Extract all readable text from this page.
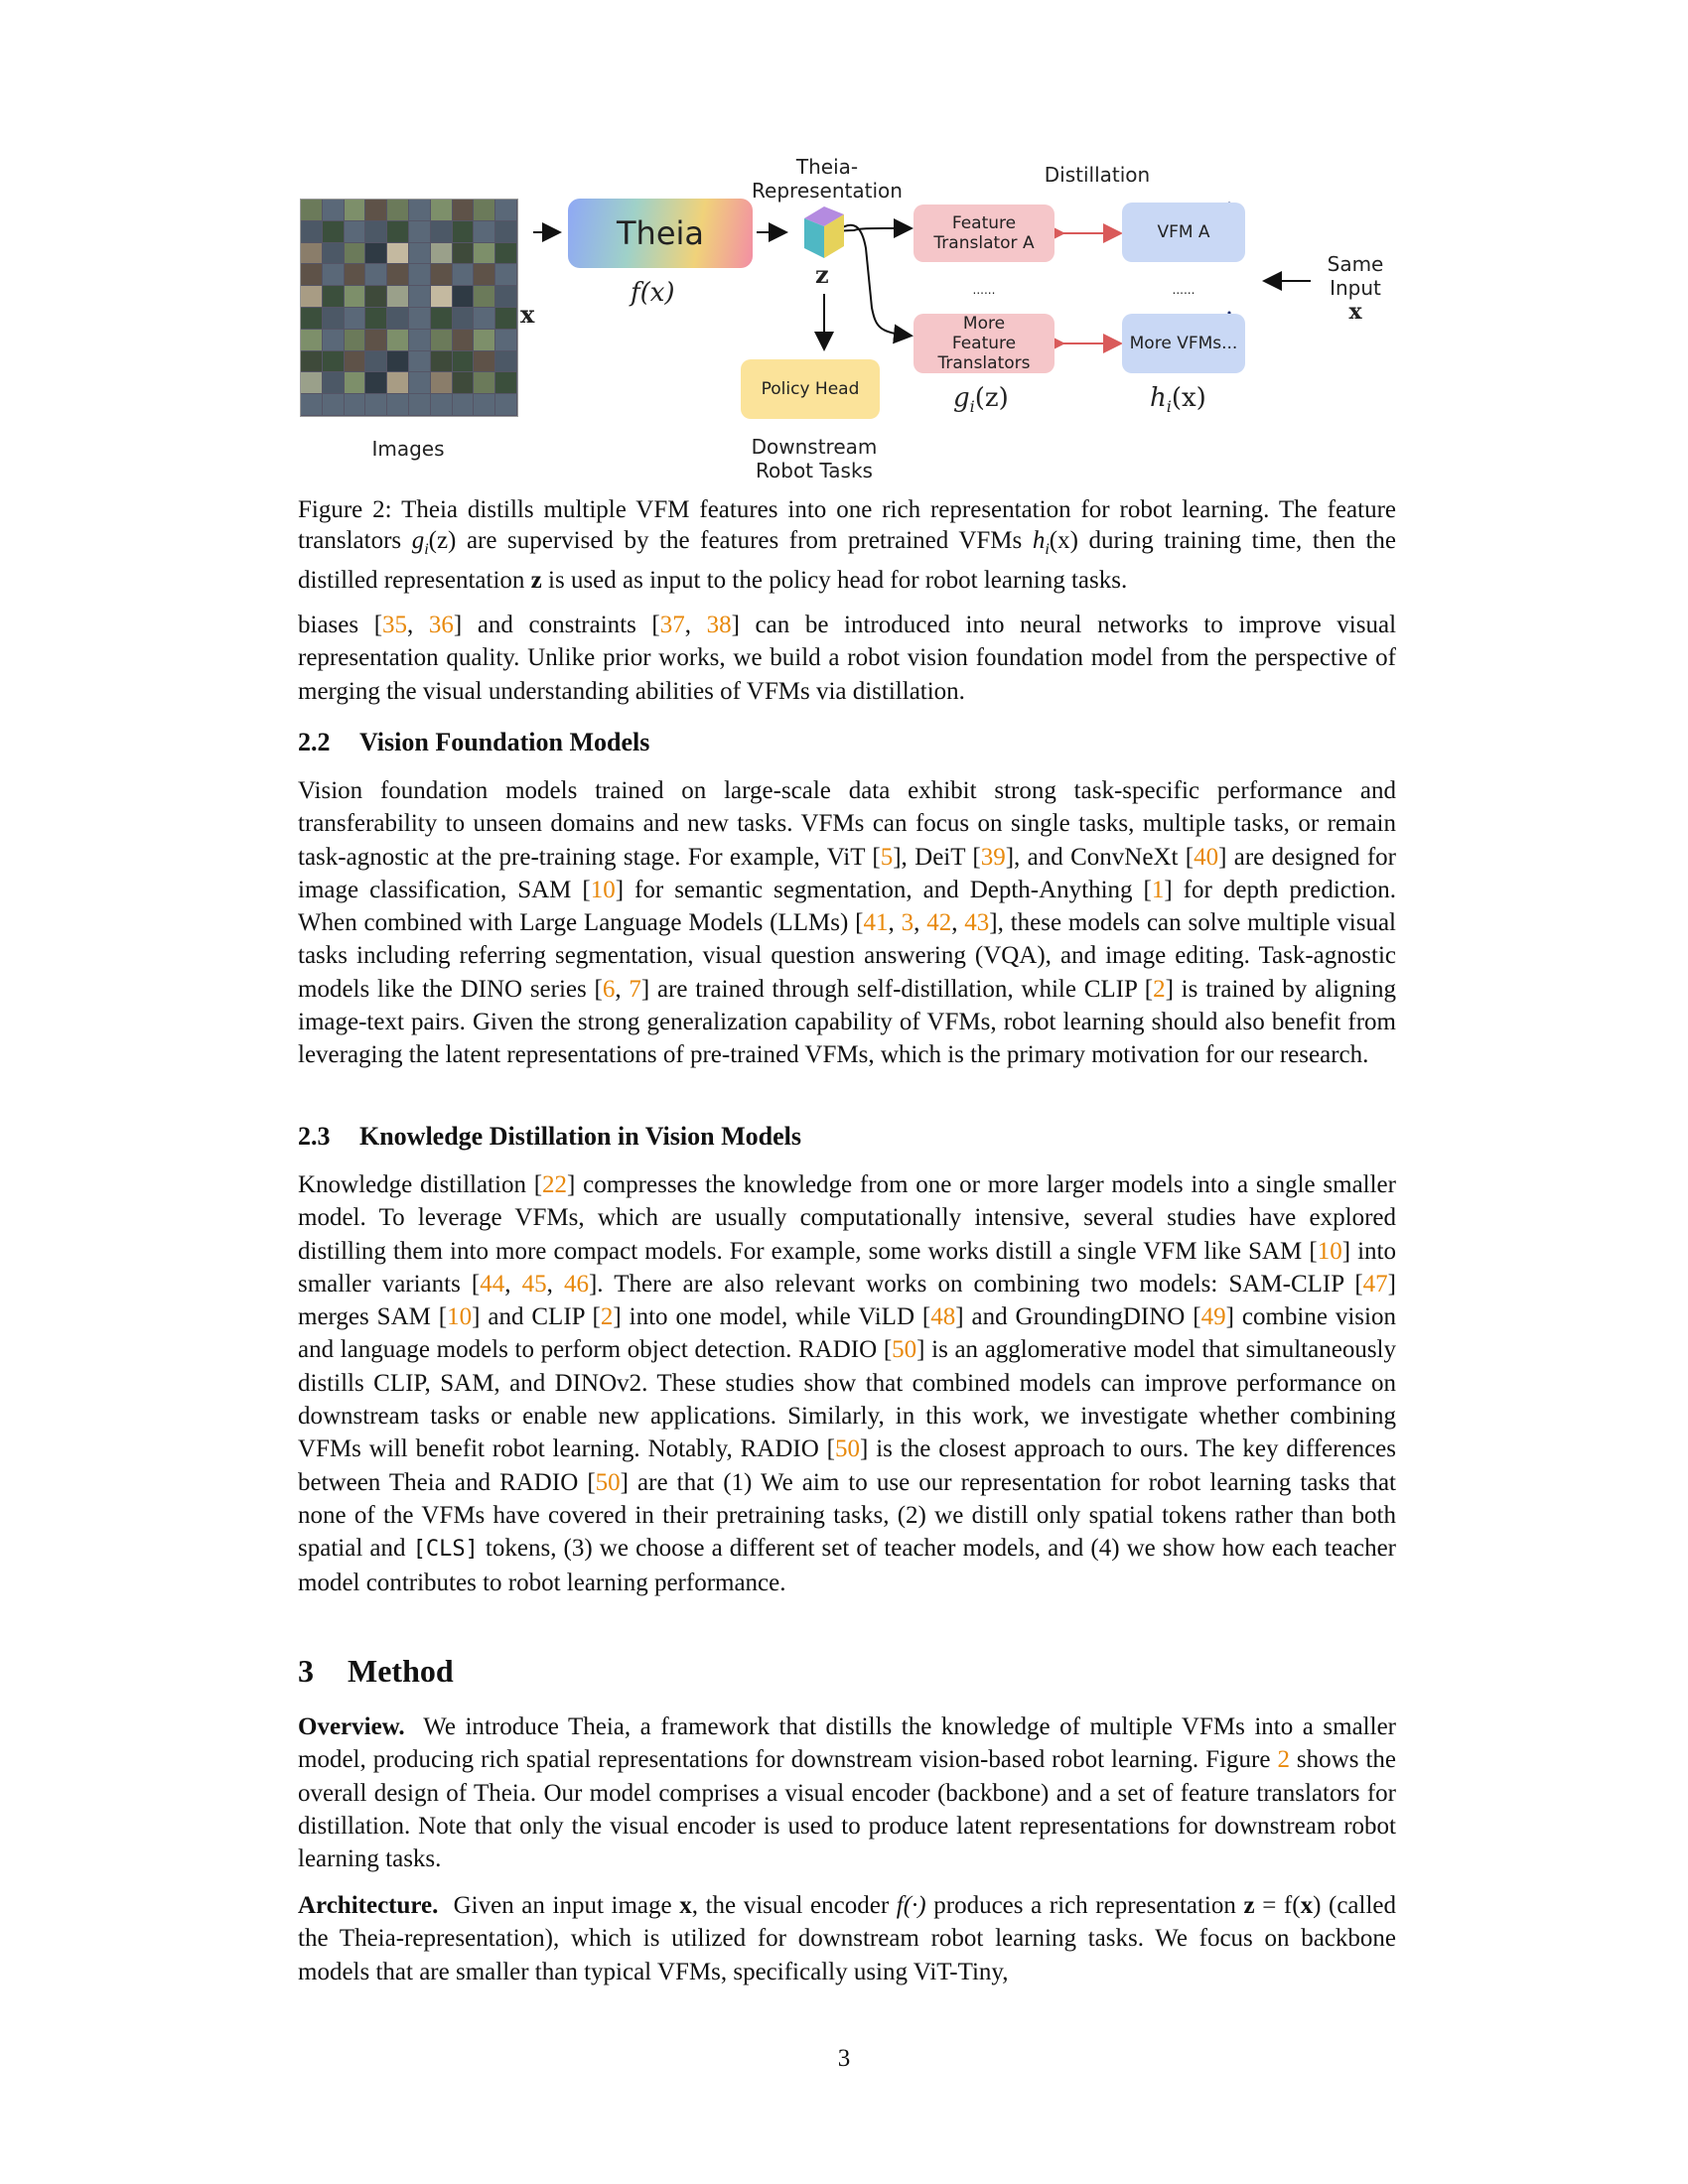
Images
x
Theia
f(x)
Theia-
Representation
z
Policy Head
Downstream
Robot Tasks
Distillation
Feature
Translator A
......
More
Feature
Translators
$g_i(z)$
VFM A
......
More VFMs...
$h_i(x)$
Same
Input
x
Figure 2: Theia distills multiple VFM features into one rich representation for robot learning. The feature translators $g_i(z)$ are supervised by the features from pretrained VFMs $h_i(x)$ during training time, then the distilled representation z is used as input to the policy head for robot learning tasks.

biases [35, 36] and constraints [37, 38] can be introduced into neural networks to improve visual representation quality. Unlike prior works, we build a robot vision foundation model from the perspective of merging the visual understanding abilities of VFMs via distillation.

2.2 Vision Foundation Models

Vision foundation models trained on large-scale data exhibit strong task-specific performance and transferability to unseen domains and new tasks. VFMs can focus on single tasks, multiple tasks, or remain task-agnostic at the pre-training stage. For example, ViT [5], DeiT [39], and ConvNeXt [40] are designed for image classification, SAM [10] for semantic segmentation, and Depth-Anything [1] for depth prediction. When combined with Large Language Models (LLMs) [41, 3, 42, 43], these models can solve multiple visual tasks including referring segmentation, visual question answering (VQA), and image editing. Task-agnostic models like the DINO series [6, 7] are trained through self-distillation, while CLIP [2] is trained by aligning image-text pairs. Given the strong generalization capability of VFMs, robot learning should also benefit from leveraging the latent representations of pre-trained VFMs, which is the primary motivation for our research.

2.3 Knowledge Distillation in Vision Models

Knowledge distillation [22] compresses the knowledge from one or more larger models into a single smaller model. To leverage VFMs, which are usually computationally intensive, several studies have explored distilling them into more compact models. For example, some works distill a single VFM like SAM [10] into smaller variants [44, 45, 46]. There are also relevant works on combining two models: SAM-CLIP [47] merges SAM [10] and CLIP [2] into one model, while ViLD [48] and GroundingDINO [49] combine vision and language models to perform object detection. RADIO [50] is an agglomerative model that simultaneously distills CLIP, SAM, and DINOv2. These studies show that combined models can improve performance on downstream tasks or enable new applications. Similarly, in this work, we investigate whether combining VFMs will benefit robot learning. Notably, RADIO [50] is the closest approach to ours. The key differences between Theia and RADIO [50] are that (1) We aim to use our representation for robot learning tasks that none of the VFMs have covered in their pretraining tasks, (2) we distill only spatial tokens rather than both spatial and [CLS] tokens, (3) we choose a different set of teacher models, and (4) we show how each teacher model contributes to robot learning performance.

3 Method

Overview.  We introduce Theia, a framework that distills the knowledge of multiple VFMs into a smaller model, producing rich spatial representations for downstream vision-based robot learning. Figure 2 shows the overall design of Theia. Our model comprises a visual encoder (backbone) and a set of feature translators for distillation. Note that only the visual encoder is used to produce latent representations for downstream robot learning tasks.

Architecture.  Given an input image x, the visual encoder f(·) produces a rich representation z = f(x) (called the Theia-representation), which is utilized for downstream robot learning tasks. We focus on backbone models that are smaller than typical VFMs, specifically using ViT-Tiny,

3
